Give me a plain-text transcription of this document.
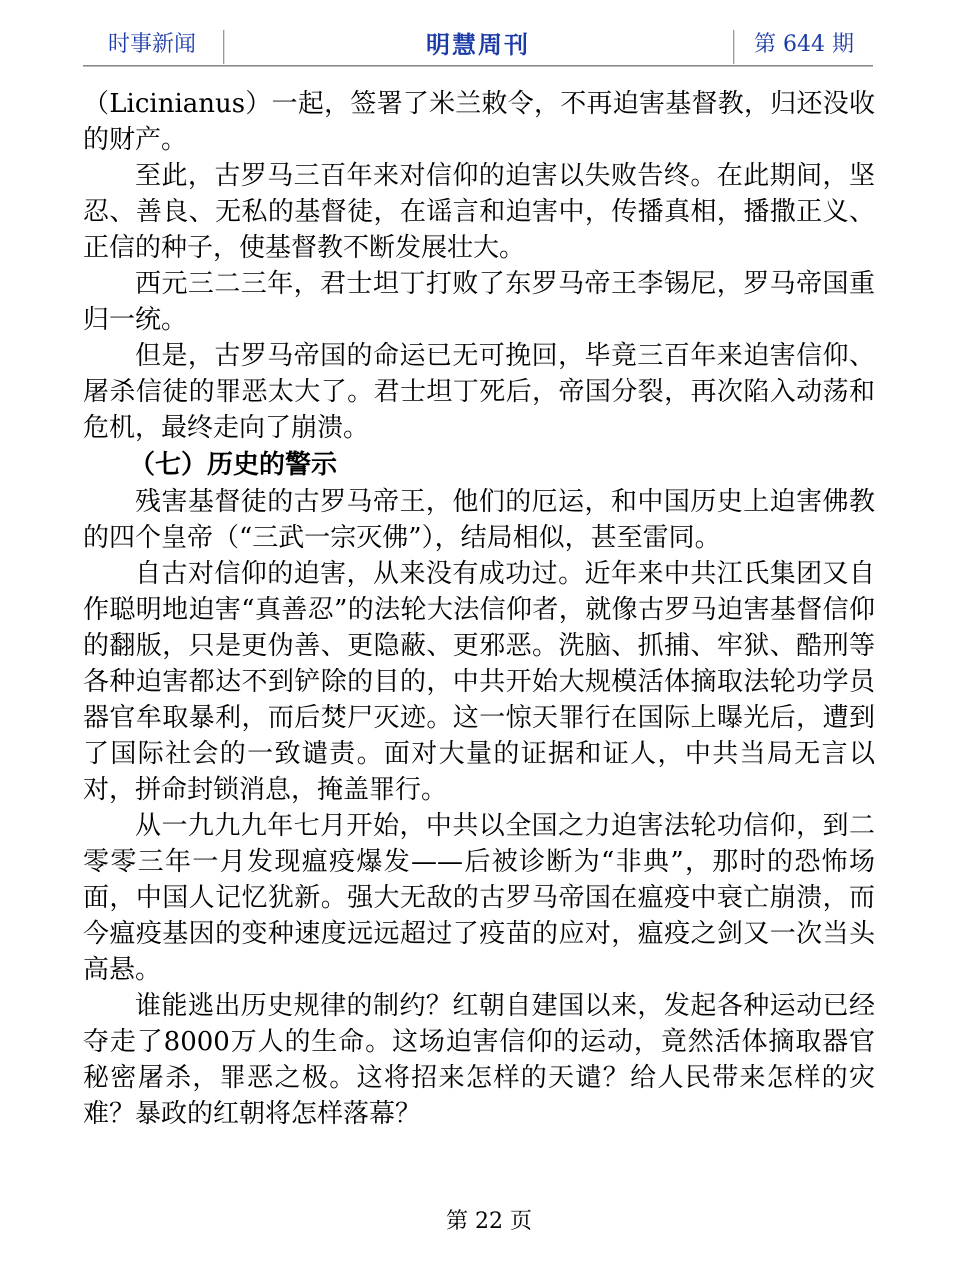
时事新闻	明慧周刊	第 644 期

（Licinianus）一起，签署了米兰敕令，不再迫害基督教，归还没收的财产。

至此，古罗马三百年来对信仰的迫害以失败告终。在此期间，坚忍、善良、无私的基督徒，在谣言和迫害中，传播真相，播撒正义、正信的种子，使基督教不断发展壮大。

西元三二三年，君士坦丁打败了东罗马帝王李锡尼，罗马帝国重归一统。

但是，古罗马帝国的命运已无可挽回，毕竟三百年来迫害信仰、屠杀信徒的罪恶太大了。君士坦丁死后，帝国分裂，再次陷入动荡和危机，最终走向了崩溃。

（七）历史的警示

残害基督徒的古罗马帝王，他们的厄运，和中国历史上迫害佛教的四个皇帝（“三武一宗灭佛”），结局相似，甚至雷同。

自古对信仰的迫害，从来没有成功过。近年来中共江氏集团又自作聪明地迫害“真善忍”的法轮大法信仰者，就像古罗马迫害基督信仰的翻版，只是更伪善、更隐蔽、更邪恶。洗脑、抓捕、牢狱、酷刑等各种迫害都达不到铲除的目的，中共开始大规模活体摘取法轮功学员器官牟取暴利，而后焚尸灭迹。这一惊天罪行在国际上曝光后，遭到了国际社会的一致谴责。面对大量的证据和证人，中共当局无言以对，拼命封锁消息，掩盖罪行。

从一九九九年七月开始，中共以全国之力迫害法轮功信仰，到二零零三年一月发现瘟疫爆发——后被诊断为“非典”，那时的恐怖场面，中国人记忆犹新。强大无敌的古罗马帝国在瘟疫中衰亡崩溃，而今瘟疫基因的变种速度远远超过了疫苗的应对，瘟疫之剑又一次当头高悬。

谁能逃出历史规律的制约？红朝自建国以来，发起各种运动已经夺走了8000万人的生命。这场迫害信仰的运动，竟然活体摘取器官秘密屠杀，罪恶之极。这将招来怎样的天谴？给人民带来怎样的灾难？暴政的红朝将怎样落幕？

第 22 页
